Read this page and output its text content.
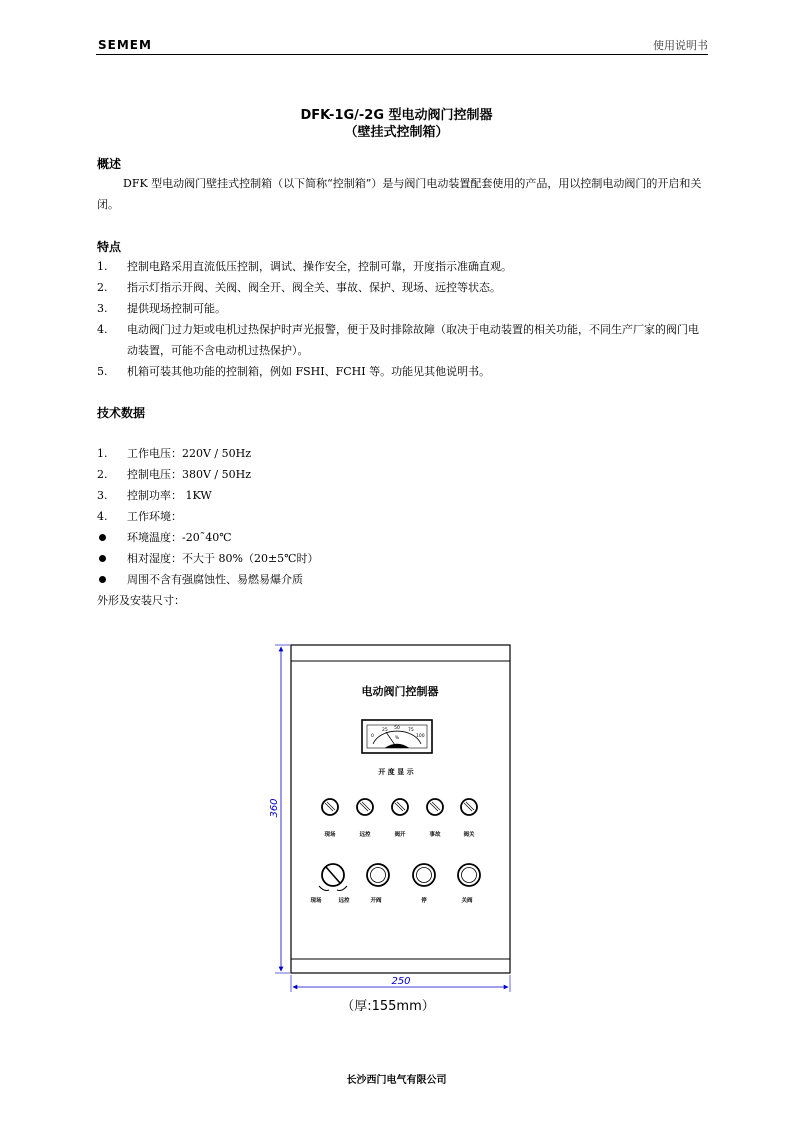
SEMEM	使用说明书
DFK-1G/-2G 型电动阀门控制器
（壁挂式控制箱）
概述
DFK 型电动阀门壁挂式控制箱（以下简称“控制箱”）是与阀门电动装置配套使用的产品，用以控制电动阀门的开启和关闭。
特点
1. 控制电路采用直流低压控制，调试、操作安全，控制可靠，开度指示准确直观。
2. 指示灯指示开阀、关阀、阀全开、阀全关、事故、保护、现场、远控等状态。
3. 提供现场控制可能。
4. 电动阀门过力矩或电机过热保护时声光报警，便于及时排除故障（取决于电动装置的相关功能，不同生产厂家的阀门电动装置，可能不含电动机过热保护）。
5. 机箱可装其他功能的控制箱，例如 FSHI、FCHI 等。功能见其他说明书。
技术数据
1. 工作电压：220V / 50Hz
2. 控制电压：380V / 50Hz
3. 控制功率： 1KW
4. 工作环境：
环境温度：-20˜40℃
相对湿度：不大于 80%（20±5℃时）
周围不含有强腐蚀性、易燃易爆介质
外形及安装尺寸：
电动阀门控制器
0
25 50 75
100
%
开 度 显 示
现场	远控	阀开	事故	阀关
现场	远控	开阀	停	关阀
360
250
（厚:155mm）
长沙西门电气有限公司
